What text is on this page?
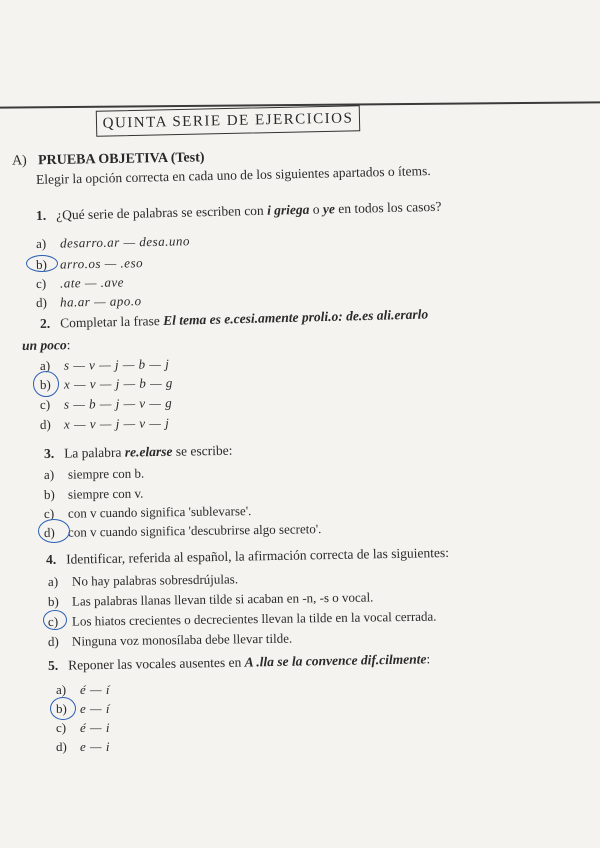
QUINTA SERIE DE EJERCICIOS
A) PRUEBA OBJETIVA (Test)
Elegir la opción correcta en cada uno de los siguientes apartados o ítems.
1. ¿Qué serie de palabras se escriben con i griega o ye en todos los casos?
a) desarro.ar — desa.uno
b) arro.os — .eso
c) .ate — .ave
d) ha.ar — apo.o
2. Completar la frase El tema es e.cesi.amente proli.o: de.es ali.erarlo
un poco:
a) s — v — j — b — j
b) x — v — j — b — g
c) s — b — j — v — g
d) x — v — j — v — j
3. La palabra re.elarse se escribe:
a) siempre con b.
b) siempre con v.
c) con v cuando significa 'sublevarse'.
d) con v cuando significa 'descubrirse algo secreto'.
4. Identificar, referida al español, la afirmación correcta de las siguientes:
a) No hay palabras sobresdrújulas.
b) Las palabras llanas llevan tilde si acaban en -n, -s o vocal.
c) Los hiatos crecientes o decrecientes llevan la tilde en la vocal cerrada.
d) Ninguna voz monosílaba debe llevar tilde.
5. Reponer las vocales ausentes en A .lla se la convence dif.cilmente:
a) é — í
b) e — í
c) é — i
d) e — i
